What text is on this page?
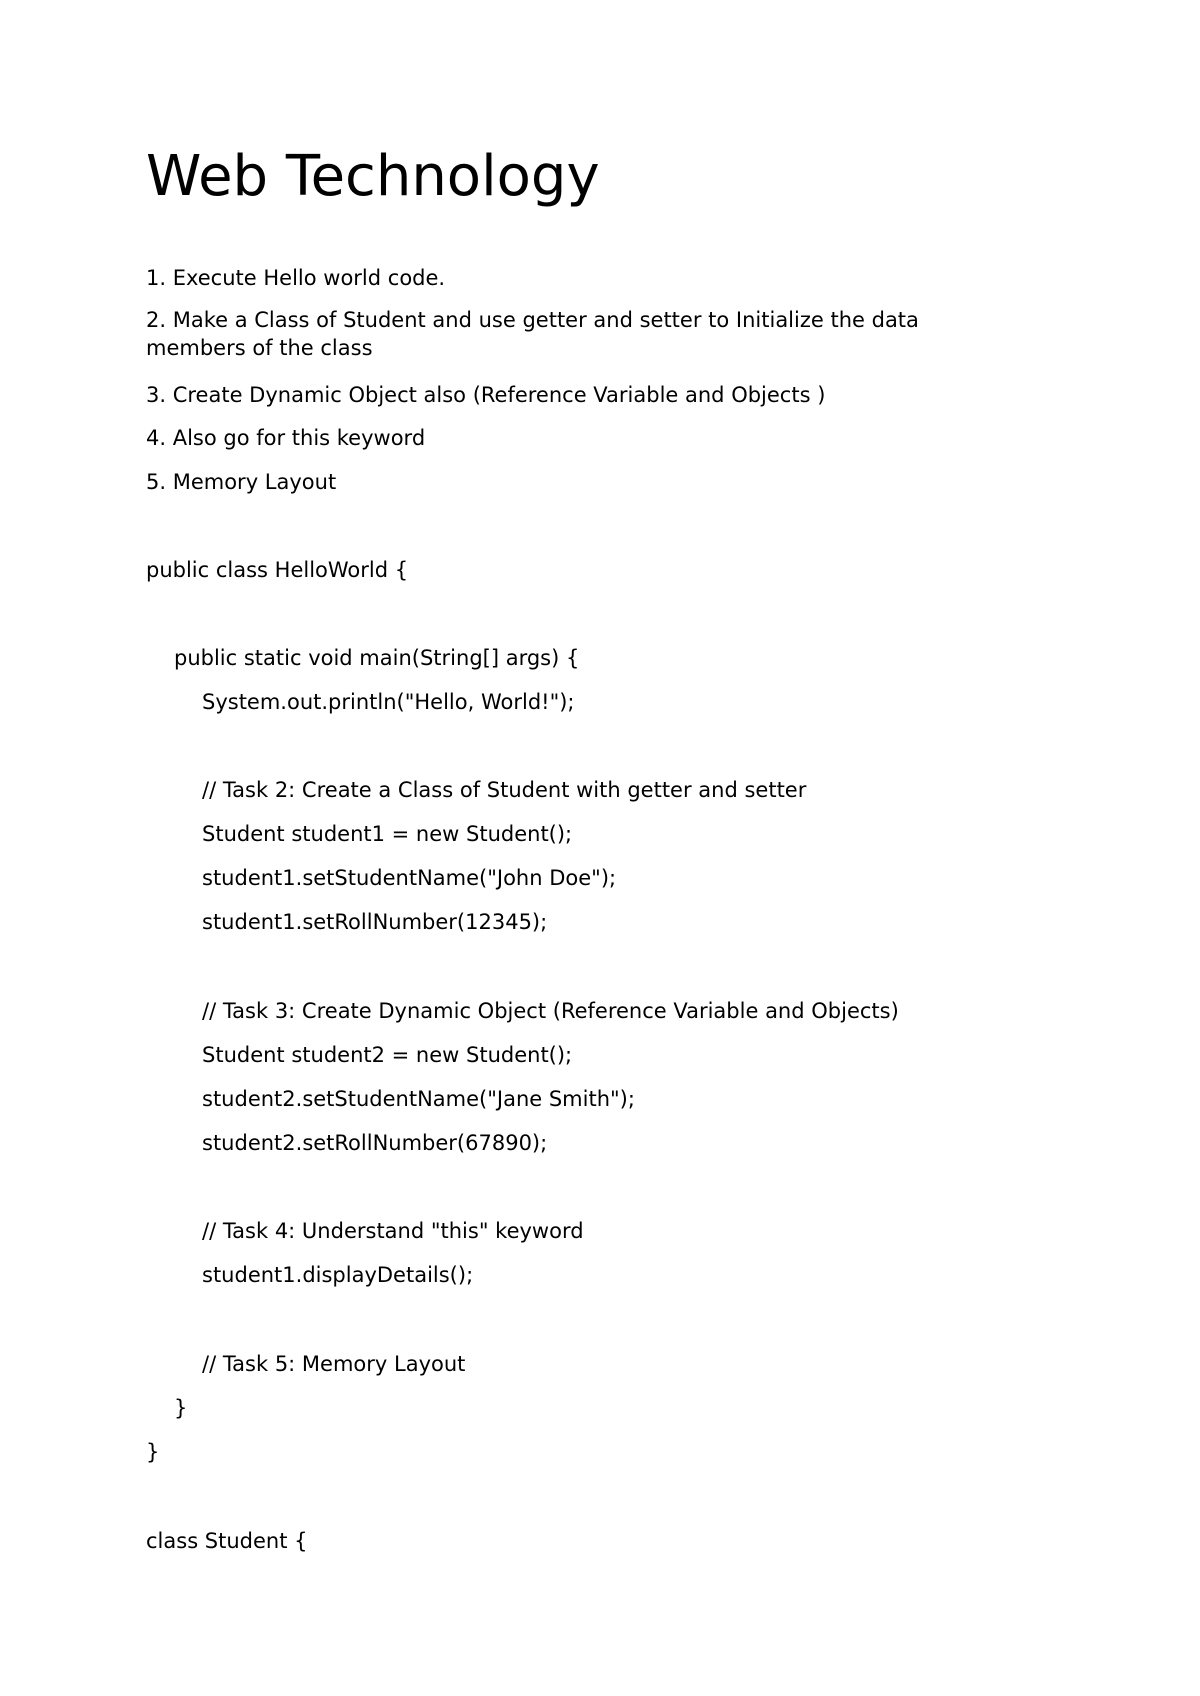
Web Technology

1. Execute Hello world code.

2. Make a Class of Student and use getter and setter to Initialize the data members of the class

3. Create Dynamic Object also (Reference Variable and Objects )

4. Also go for this keyword

5. Memory Layout

public class HelloWorld {

public static void main(String[] args) {

System.out.println("Hello, World!");

// Task 2: Create a Class of Student with getter and setter

Student student1 = new Student();

student1.setStudentName("John Doe");

student1.setRollNumber(12345);

// Task 3: Create Dynamic Object (Reference Variable and Objects)

Student student2 = new Student();

student2.setStudentName("Jane Smith");

student2.setRollNumber(67890);

// Task 4: Understand "this" keyword

student1.displayDetails();

// Task 5: Memory Layout

}

}

class Student {
